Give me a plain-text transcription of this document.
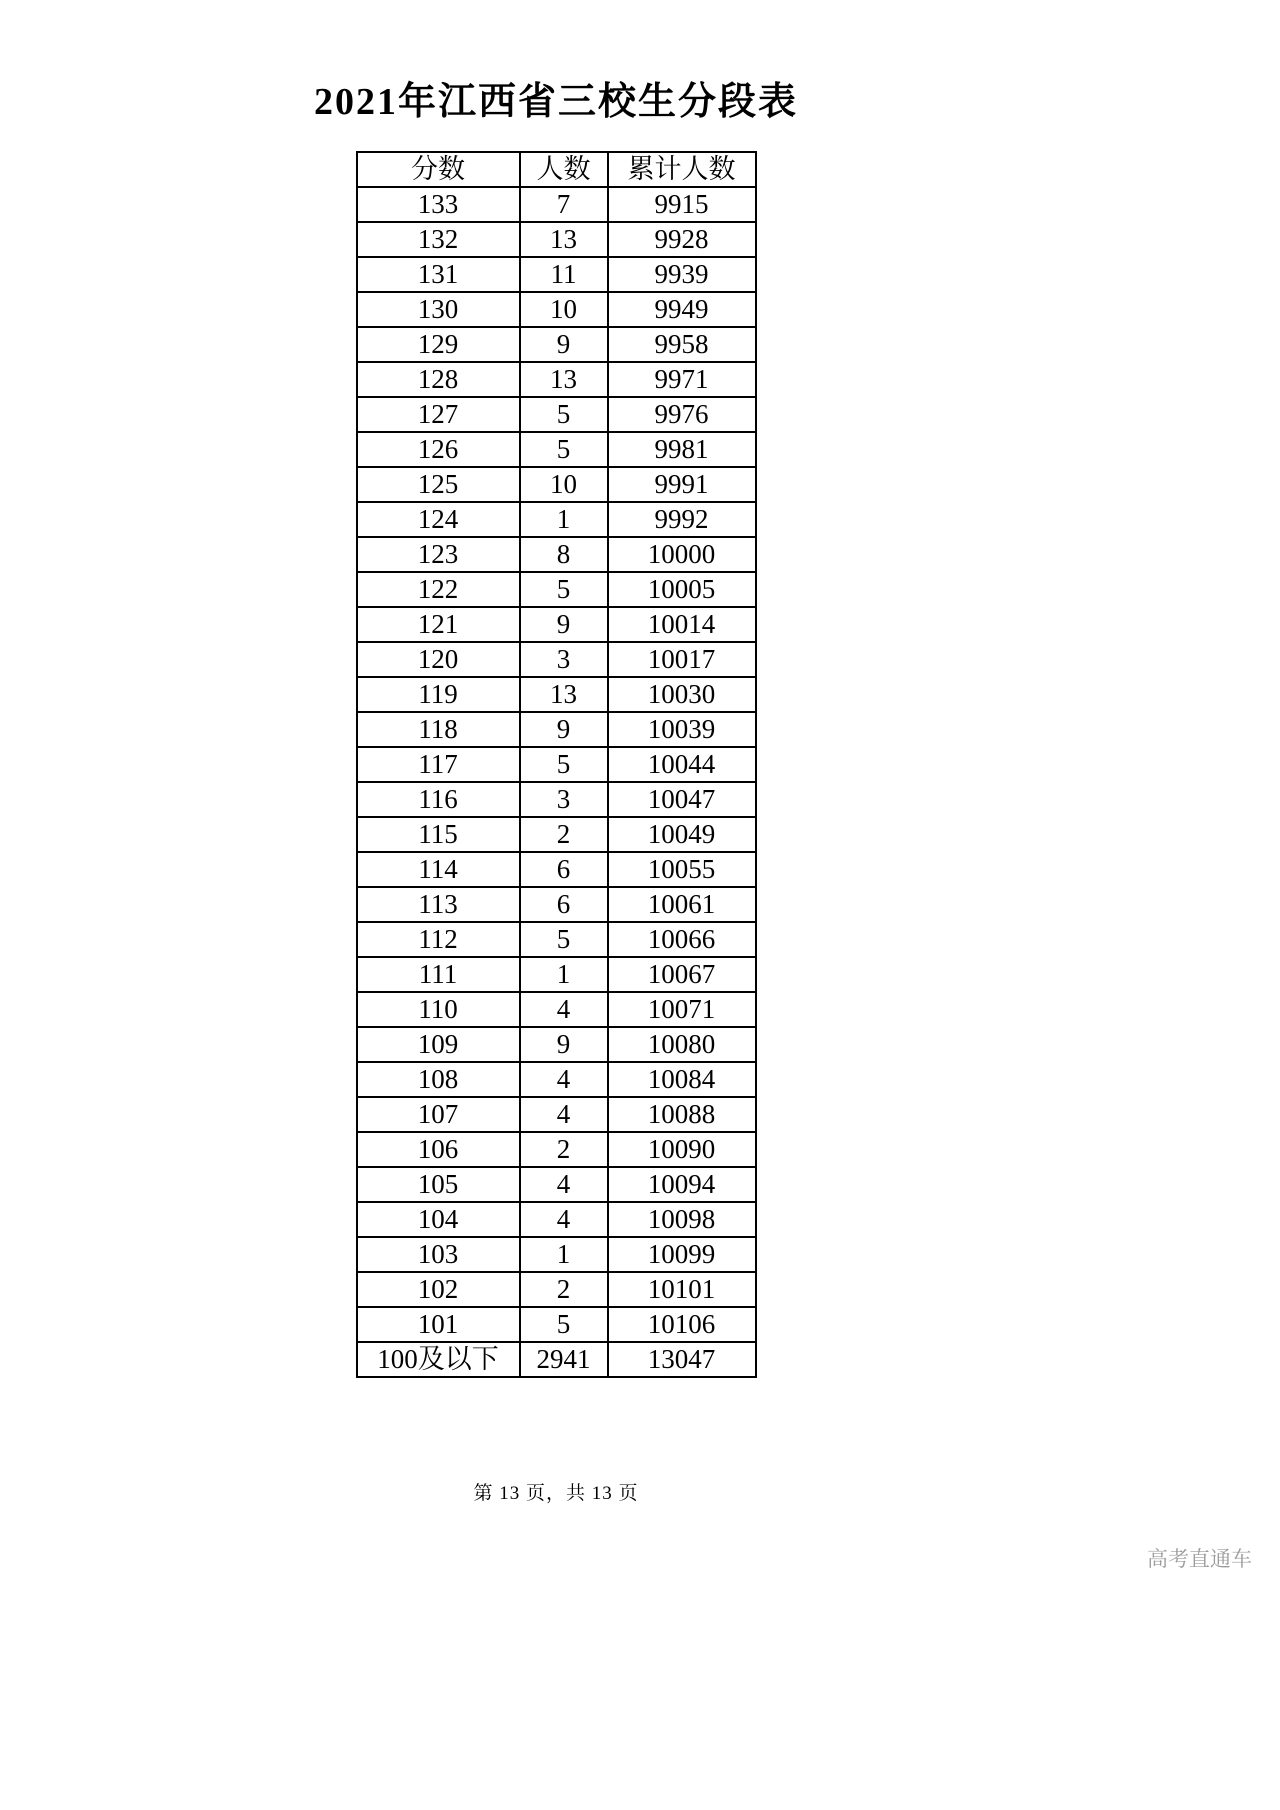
2021年江西省三校生分段表
分数	人数	累计人数
133	7	9915
132	13	9928
131	11	9939
130	10	9949
129	9	9958
128	13	9971
127	5	9976
126	5	9981
125	10	9991
124	1	9992
123	8	10000
122	5	10005
121	9	10014
120	3	10017
119	13	10030
118	9	10039
117	5	10044
116	3	10047
115	2	10049
114	6	10055
113	6	10061
112	5	10066
111	1	10067
110	4	10071
109	9	10080
108	4	10084
107	4	10088
106	2	10090
105	4	10094
104	4	10098
103	1	10099
102	2	10101
101	5	10106
100及以下	2941	13047
第 13 页，共 13 页
高考直通车
